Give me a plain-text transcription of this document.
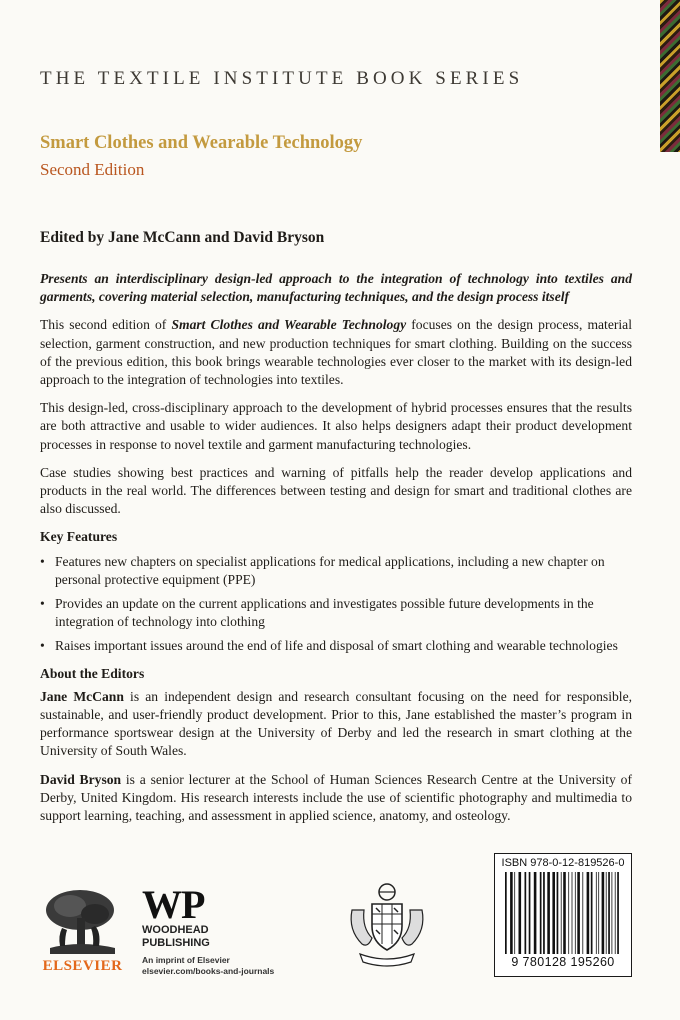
THE TEXTILE INSTITUTE BOOK SERIES
Smart Clothes and Wearable Technology
Second Edition
Edited by Jane McCann and David Bryson

Presents an interdisciplinary design-led approach to the integration of technology into textiles and garments, covering material selection, manufacturing techniques, and the design process itself

This second edition of Smart Clothes and Wearable Technology focuses on the design process, material selection, garment construction, and new production techniques for smart clothing. Building on the success of the previous edition, this book brings wearable technologies ever closer to the market with its design-led approach to the integration of technologies into textiles.

This design-led, cross-disciplinary approach to the development of hybrid processes ensures that the results are both attractive and usable to wider audiences. It also helps designers adapt their product development processes in response to novel textile and garment manufacturing technologies.

Case studies showing best practices and warning of pitfalls help the reader develop applications and products in the real world. The differences between testing and design for smart and traditional clothes are also discussed.

Key Features
• Features new chapters on specialist applications for medical applications, including a new chapter on personal protective equipment (PPE)
• Provides an update on the current applications and investigates possible future developments in the integration of technology into clothing
• Raises important issues around the end of life and disposal of smart clothing and wearable technologies
About the Editors

Jane McCann is an independent design and research consultant focusing on the need for responsible, sustainable, and user-friendly product development. Prior to this, Jane established the master’s program in performance sportswear design at the University of Derby and led the research in smart clothing at the University of South Wales.

David Bryson is a senior lecturer at the School of Human Sciences Research Centre at the University of Derby, United Kingdom. His research interests include the use of scientific photography and multimedia to support learning, teaching, and assessment in applied science, anatomy, and osteology.

ELSEVIER
WP
WOODHEAD
PUBLISHING
An imprint of Elsevier
elsevier.com/books-and-journals
ISBN 978-0-12-819526-0
9 780128 195260
